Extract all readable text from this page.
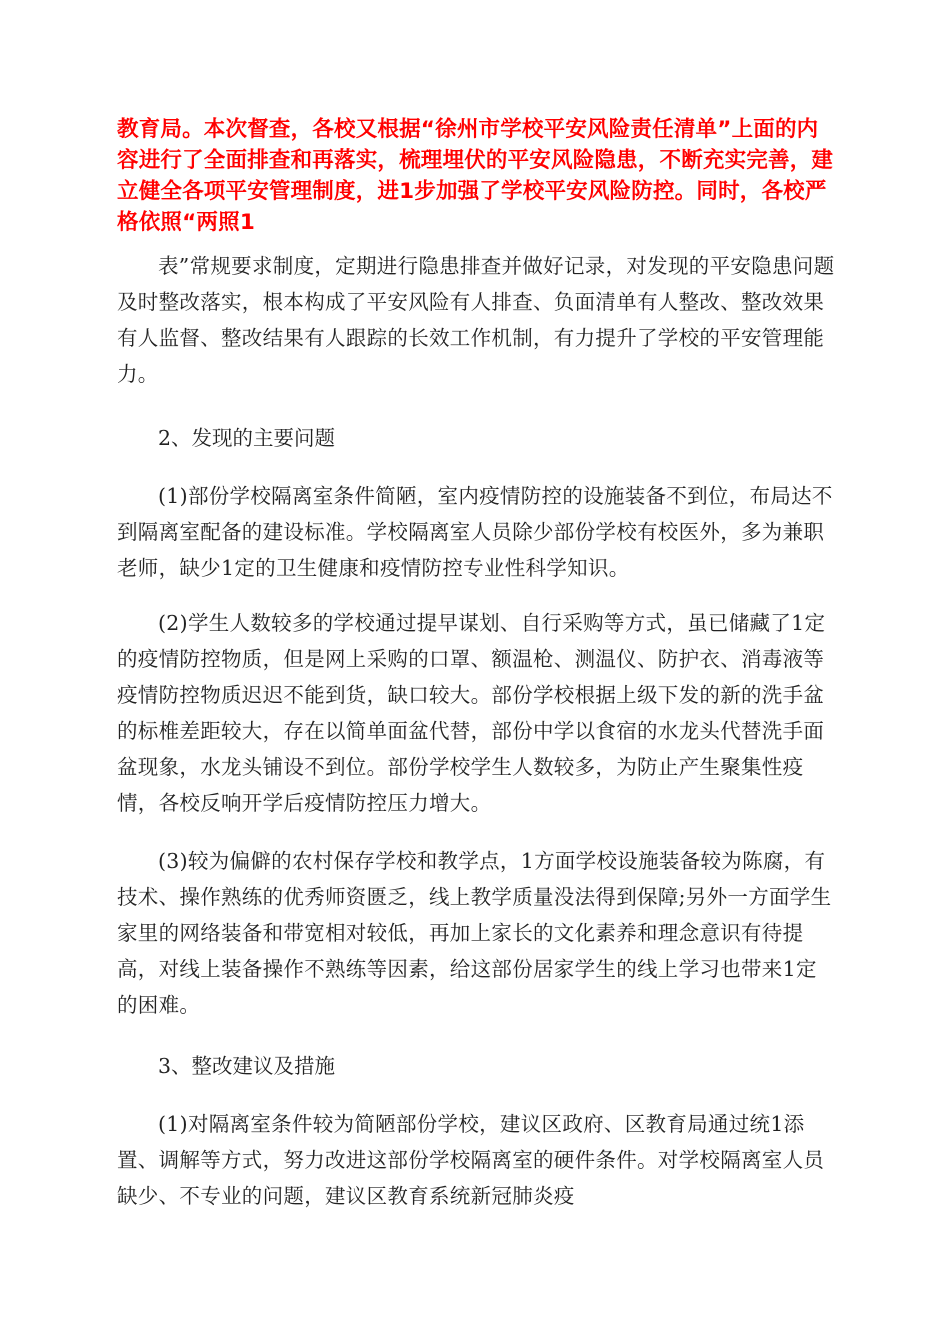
教育局。本次督查，各校又根据“徐州市学校平安风险责任清单”上面的内容进行了全面排查和再落实，梳理埋伏的平安风险隐患，不断充实完善，建立健全各项平安管理制度，进1步加强了学校平安风险防控。同时，各校严格依照“两照1

表”常规要求制度，定期进行隐患排查并做好记录，对发现的平安隐患问题及时整改落实，根本构成了平安风险有人排查、负面清单有人整改、整改效果有人监督、整改结果有人跟踪的长效工作机制，有力提升了学校的平安管理能力。

2、发现的主要问题

(1)部份学校隔离室条件简陋，室内疫情防控的设施装备不到位，布局达不到隔离室配备的建设标准。学校隔离室人员除少部份学校有校医外，多为兼职老师，缺少1定的卫生健康和疫情防控专业性科学知识。

(2)学生人数较多的学校通过提早谋划、自行采购等方式，虽已储藏了1定的疫情防控物质，但是网上采购的口罩、额温枪、测温仪、防护衣、消毒液等疫情防控物质迟迟不能到货，缺口较大。部份学校根据上级下发的新的洗手盆的标椎差距较大，存在以简单面盆代替，部份中学以食宿的水龙头代替洗手面盆现象，水龙头铺设不到位。部份学校学生人数较多，为防止产生聚集性疫情，各校反响开学后疫情防控压力增大。

(3)较为偏僻的农村保存学校和教学点，1方面学校设施装备较为陈腐，有技术、操作熟练的优秀师资匮乏，线上教学质量没法得到保障;另外一方面学生家里的网络装备和带宽相对较低，再加上家长的文化素养和理念意识有待提高，对线上装备操作不熟练等因素，给这部份居家学生的线上学习也带来1定的困难。

3、整改建议及措施

(1)对隔离室条件较为简陋部份学校，建议区政府、区教育局通过统1添置、调解等方式，努力改进这部份学校隔离室的硬件条件。对学校隔离室人员缺少、不专业的问题，建议区教育系统新冠肺炎疫
